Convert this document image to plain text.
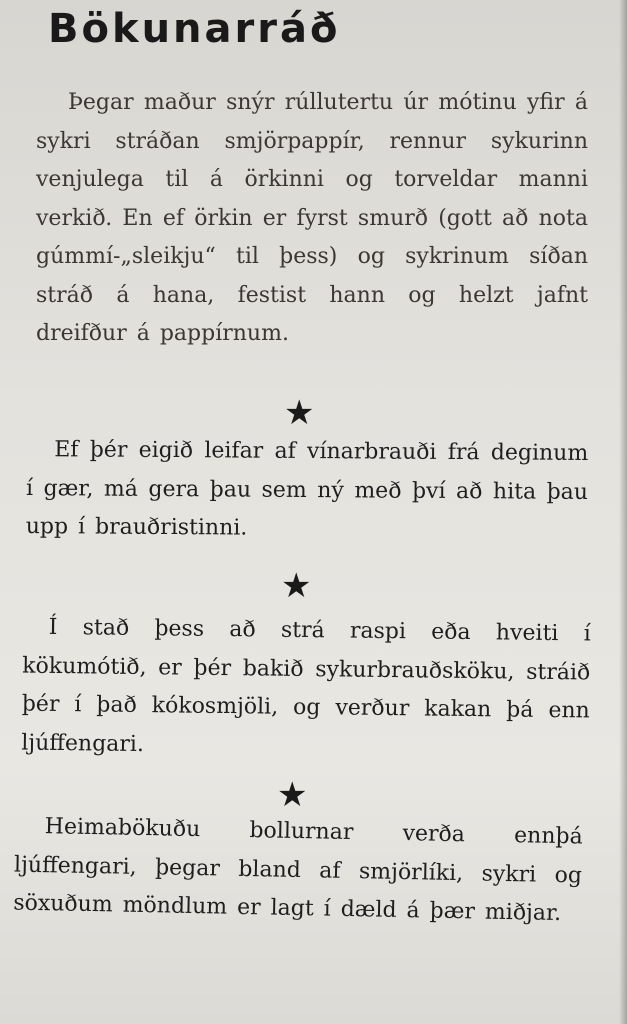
Bökunarráð

Þegar maður snýr rúllutertu úr mótinu yfir á sykri stráðan smjörpappír, rennur sykurinn venjulega til á örkinni og torveldar manni verkið. En ef örkin er fyrst smurð (gott að nota gúmmí-„sleikju“ til þess) og sykrinum síðan stráð á hana, festist hann og helzt jafnt dreifður á pappírnum.

★

Ef þér eigið leifar af vínarbrauði frá deginum í gær, má gera þau sem ný með því að hita þau upp í brauðristinni.

★

Í stað þess að strá raspi eða hveiti í kökumótið, er þér bakið sykurbrauðsköku, stráið þér í það kókosmjöli, og verður kakan þá enn ljúffengari.

★

Heimabökuðu bollurnar verða ennþá ljúffengari, þegar bland af smjörlíki, sykri og söxuðum möndlum er lagt í dæld á þær miðjar.
